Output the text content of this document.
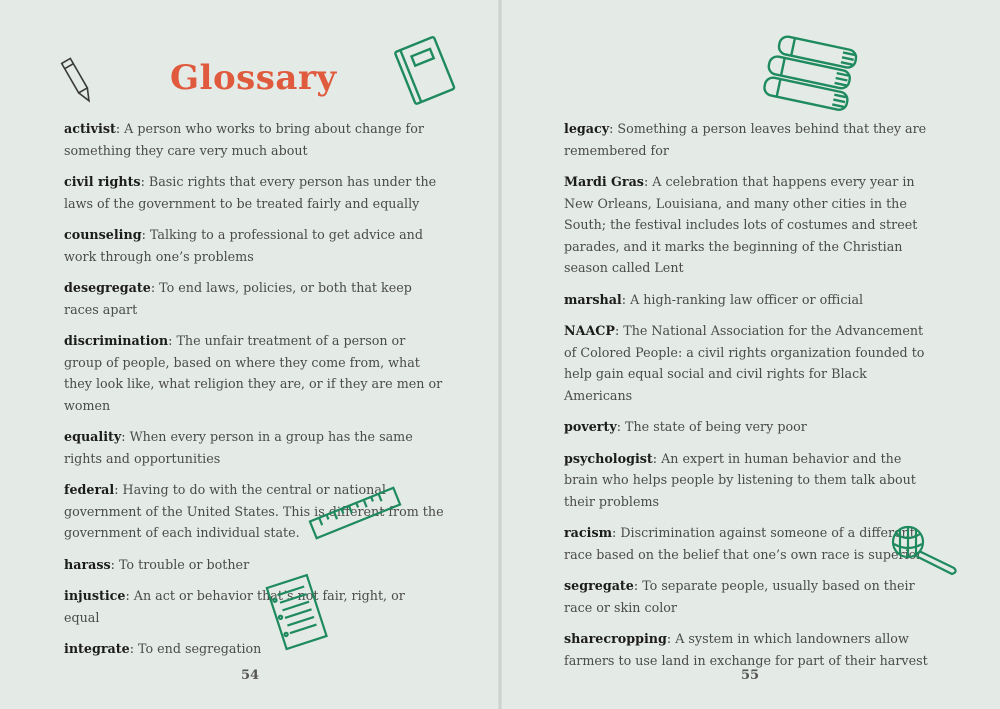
Glossary
activist: A person who works to bring about change for something they care very much about
civil rights: Basic rights that every person has under the laws of the government to be treated fairly and equally
counseling: Talking to a professional to get advice and work through one’s problems
desegregate: To end laws, policies, or both that keep races apart
discrimination: The unfair treatment of a person or group of people, based on where they come from, what they look like, what religion they are, or if they are men or women
equality: When every person in a group has the same rights and opportunities
federal: Having to do with the central or national government of the United States. This is different from the government of each individual state.
harass: To trouble or bother
injustice: An act or behavior that’s not fair, right, or equal
integrate: To end segregation
54
legacy: Something a person leaves behind that they are remembered for
Mardi Gras: A celebration that happens every year in New Orleans, Louisiana, and many other cities in the South; the festival includes lots of costumes and street parades, and it marks the beginning of the Christian season called Lent
marshal: A high-ranking law officer or official
NAACP: The National Association for the Advancement of Colored People: a civil rights organization founded to help gain equal social and civil rights for Black Americans
poverty: The state of being very poor
psychologist: An expert in human behavior and the brain who helps people by listening to them talk about their problems
racism: Discrimination against someone of a different race based on the belief that one’s own race is superior
segregate: To separate people, usually based on their race or skin color
sharecropping: A system in which landowners allow farmers to use land in exchange for part of their harvest
55
